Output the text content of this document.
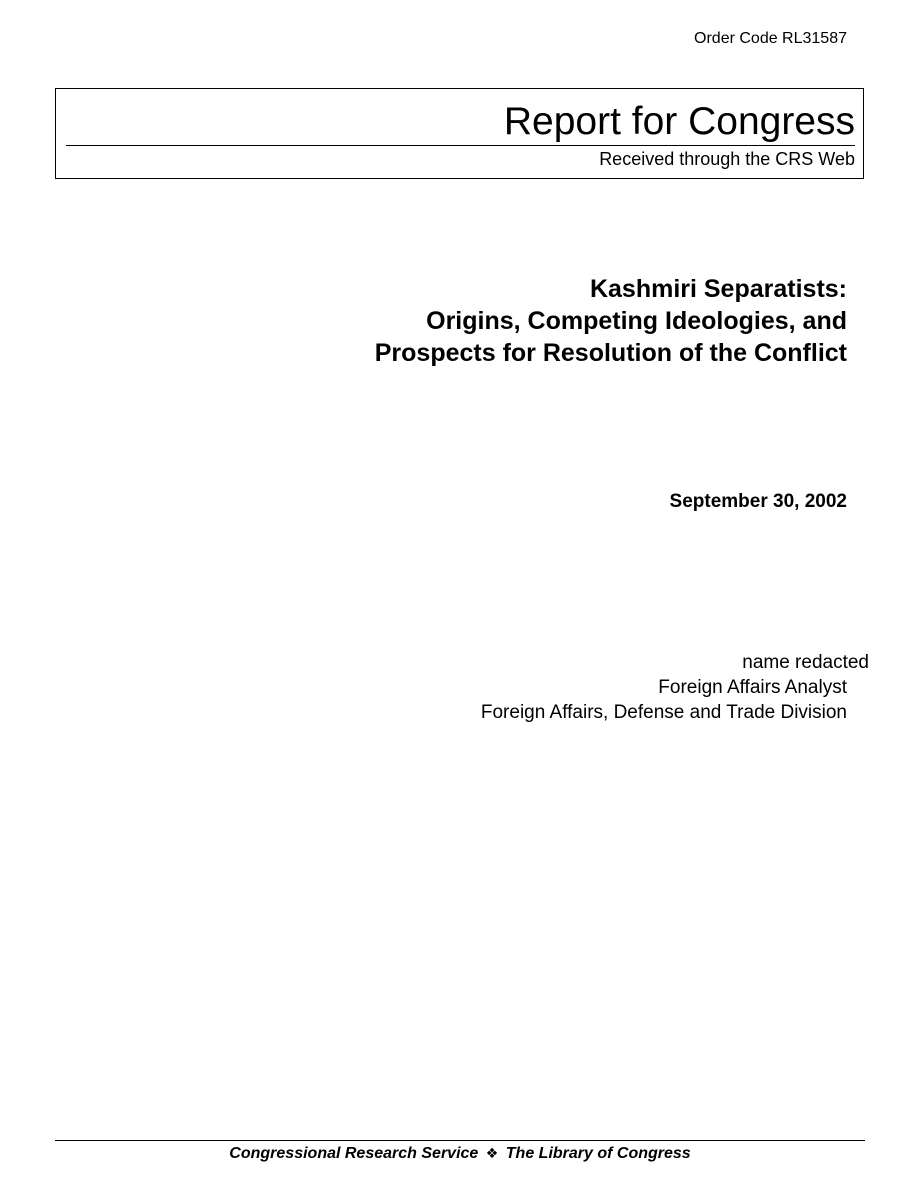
Order Code RL31587
Report for Congress
Received through the CRS Web
Kashmiri Separatists:
Origins, Competing Ideologies, and
Prospects for Resolution of the Conflict
September 30, 2002
name redacted
Foreign Affairs Analyst
Foreign Affairs, Defense and Trade Division
Congressional Research Service ❖ The Library of Congress
